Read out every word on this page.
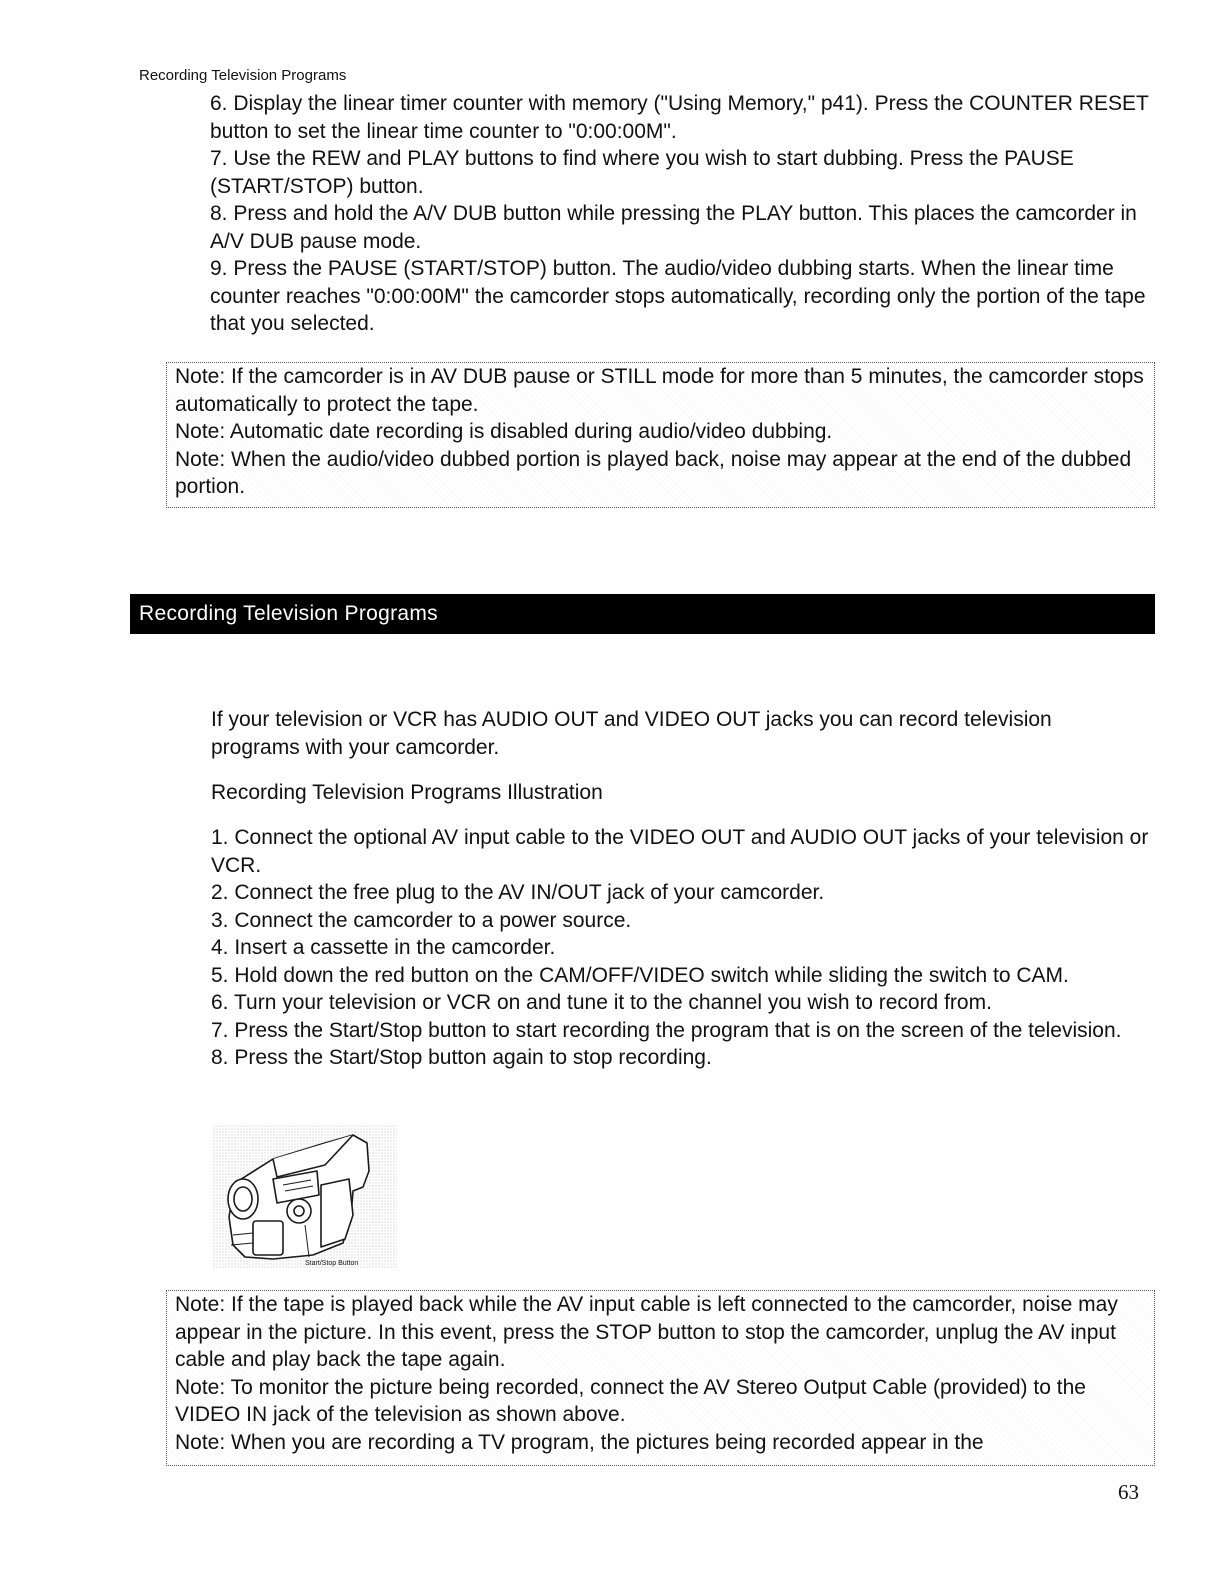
Recording Television Programs
6. Display the linear timer counter with memory ("Using Memory," p41). Press the COUNTER RESET button to set the linear time counter to "0:00:00M".
7. Use the REW and PLAY buttons to find where you wish to start dubbing. Press the PAUSE (START/STOP) button.
8. Press and hold the A/V DUB button while pressing the PLAY button. This places the camcorder in A/V DUB pause mode.
9. Press the PAUSE (START/STOP) button. The audio/video dubbing starts. When the linear time counter reaches "0:00:00M" the camcorder stops automatically, recording only the portion of the tape that you selected.
Note: If the camcorder is in AV DUB pause or STILL mode for more than 5 minutes, the camcorder stops automatically to protect the tape.
Note: Automatic date recording is disabled during audio/video dubbing.
Note: When the audio/video dubbed portion is played back, noise may appear at the end of the dubbed portion.
Recording Television Programs

If your television or VCR has AUDIO OUT and VIDEO OUT jacks you can record television programs with your camcorder.

Recording Television Programs Illustration
1. Connect the optional AV input cable to the VIDEO OUT and AUDIO OUT jacks of your television or VCR.
2. Connect the free plug to the AV IN/OUT jack of your camcorder.
3. Connect the camcorder to a power source.
4. Insert a cassette in the camcorder.
5. Hold down the red button on the CAM/OFF/VIDEO switch while sliding the switch to CAM.
6. Turn your television or VCR on and tune it to the channel you wish to record from.
7. Press the Start/Stop button to start recording the program that is on the screen of the television.
8. Press the Start/Stop button again to stop recording.
Start/Stop Button
Note: If the tape is played back while the AV input cable is left connected to the camcorder, noise may appear in the picture. In this event, press the STOP button to stop the camcorder, unplug the AV input cable and play back the tape again.
Note: To monitor the picture being recorded, connect the AV Stereo Output Cable (provided) to the VIDEO IN jack of the television as shown above.
Note: When you are recording a TV program, the pictures being recorded appear in the
63
